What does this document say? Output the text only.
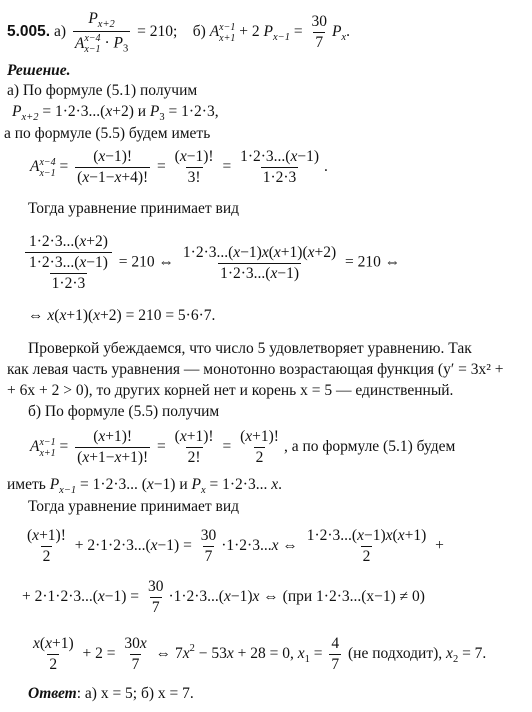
5.005. а) $P_{x+2}$
A x−4
$x-1 \cdot P_3 = 210$; б) A x−1
x+1 + 2 $P_{x-1} = \frac{30}{7} P_x$.
Решение.
а) По формуле (5.1) получим
$P_{x+2} = 1\cdot 2\cdot 3...(x+2)$ и $P_3 = 1\cdot 2\cdot 3$,
а по формуле (5.5) будем иметь
A x−4
$x-1 = \frac{(x-1)!}{(x-1-x+4)!} = \frac{(x-1)!}{3!} = \frac{1\cdot 2\cdot 3...(x-1)}{1\cdot 2\cdot 3}$ .
Тогда уравнение принимает вид
$\frac{1\cdot 2\cdot 3...(x+2)}{\frac{1\cdot 2\cdot 3...(x-1)}{1\cdot 2\cdot 3}} = 210$ ⇔ $\frac{1\cdot 2\cdot 3...(x-1)x(x+1)(x+2)}{1\cdot 2\cdot 3...(x-1)} = 210$ ⇔
⇔ x(x+1)(x+2) = 210 = 5·6·7.
Проверкой убеждаемся, что число 5 удовлетворяет уравнению. Так
как левая часть уравнения — монотонно возрастающая функция (y′ = 3x² +
+ 6x + 2 > 0), то других корней нет и корень x = 5 — единственный.
б) По формуле (5.5) получим
A x−1
$x+1 = \frac{(x+1)!}{(x+1-x+1)!} = \frac{(x+1)!}{2!} = \frac{(x+1)!}{2}$ , а по формуле (5.1) будем
иметь $P_{x-1} = 1\cdot 2\cdot 3$... (x−1) и $P_x = 1\cdot 2\cdot 3$... x.
Тогда уравнение принимает вид
$\frac{(x+1)!}{2} + 2\cdot 1\cdot 2\cdot 3...(x-1) = \frac{30}{7} \cdot 1\cdot 2\cdot 3...x$ ⇔ $\frac{1\cdot 2\cdot 3...(x-1)x(x+1)}{2}$ +
+ $2\cdot 1\cdot 2\cdot 3...(x-1) = \frac{30}{7} \cdot 1\cdot 2\cdot 3...(x-1)x$ ⇔ (при 1·2·3...(x−1) ≠ 0)
$\frac{x(x+1)}{2} + 2 = \frac{30x}{7}$ ⇔ $7x^2 - 53x + 28 = 0$, $x_1 = \frac{4}{7} (не$ подходит), $x_2 = 7$.
Ответ: а) x = 5; б) x = 7.
